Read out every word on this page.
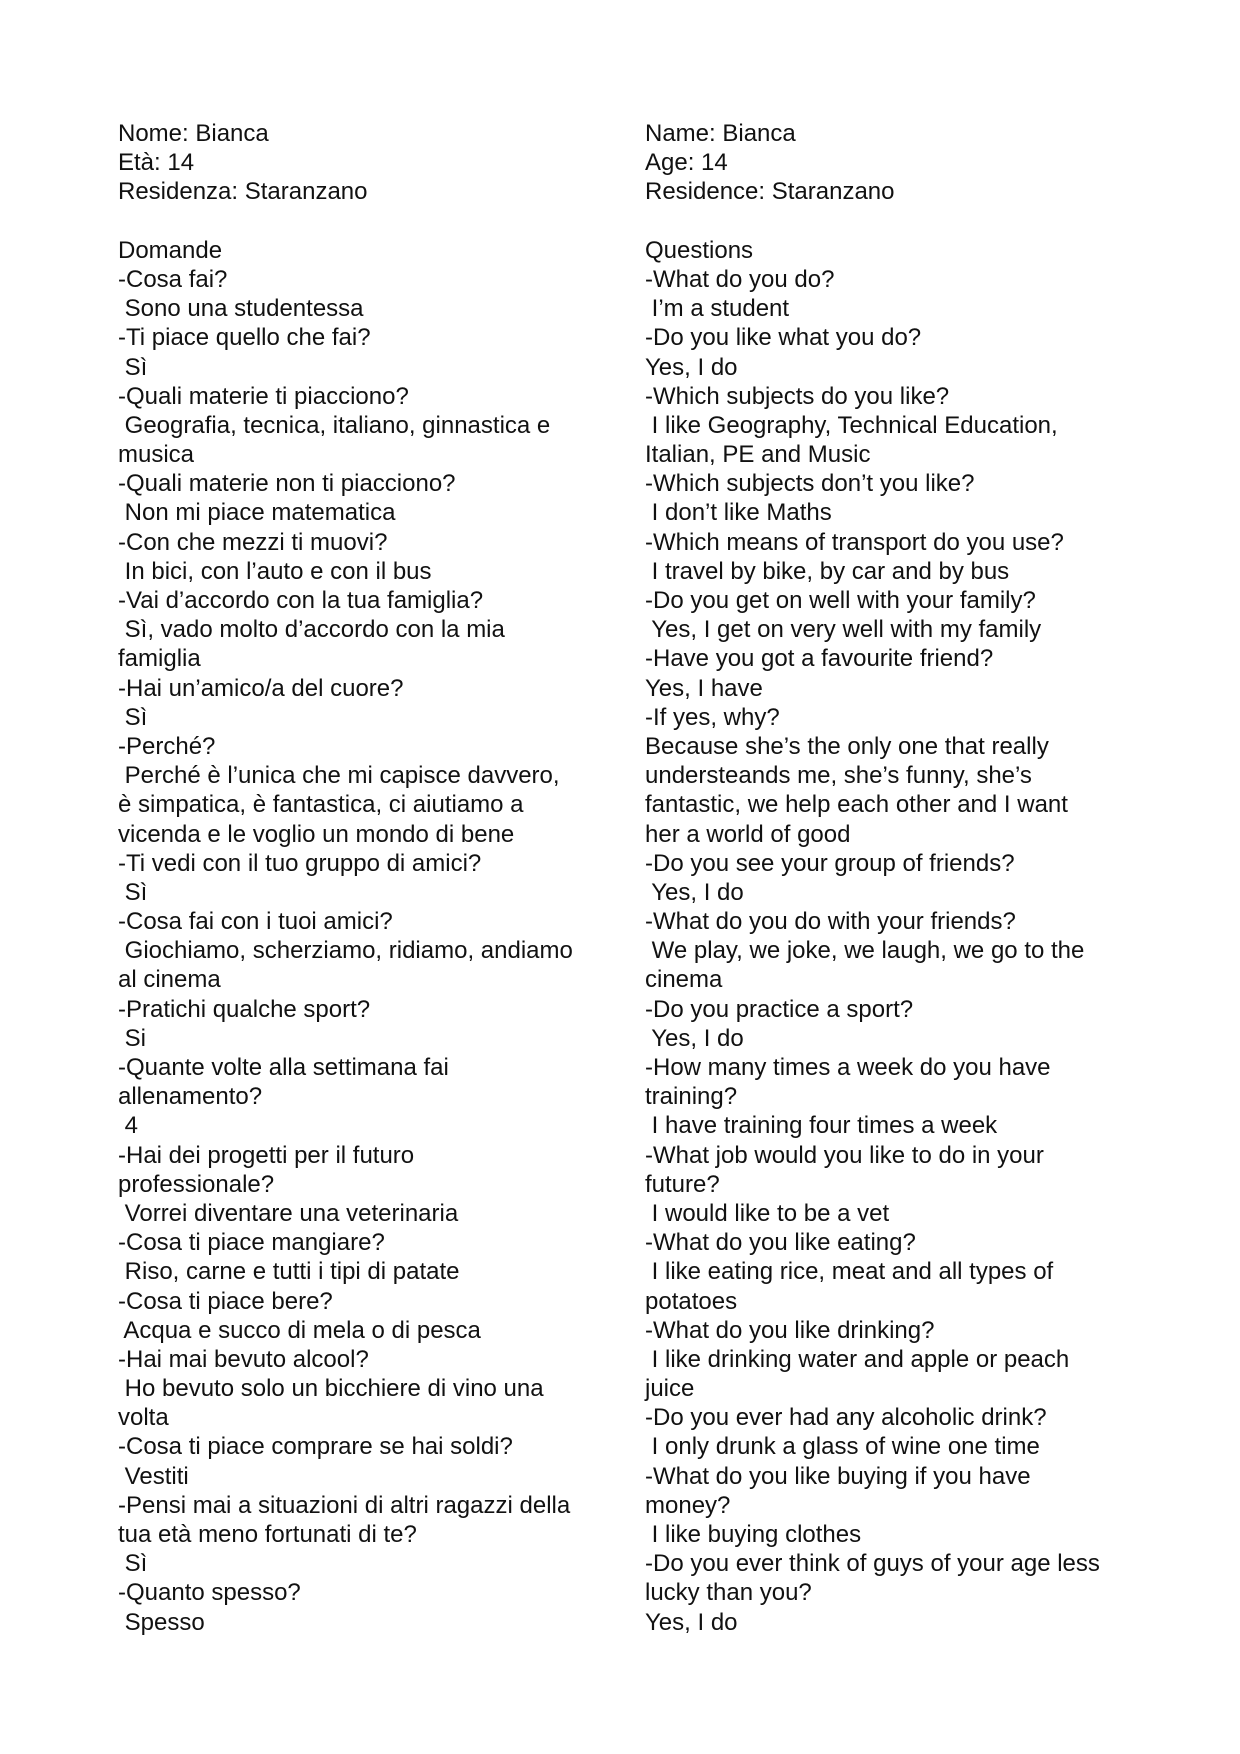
Nome: Bianca
Età: 14
Residenza: Staranzano
Domande
-Cosa fai?
Sono una studentessa
-Ti piace quello che fai?
Sì
-Quali materie ti piacciono?
Geografia, tecnica, italiano, ginnastica e
musica
-Quali materie non ti piacciono?
Non mi piace matematica
-Con che mezzi ti muovi?
In bici, con l’auto e con il bus
-Vai d’accordo con la tua famiglia?
Sì, vado molto d’accordo con la mia
famiglia
-Hai un’amico/a del cuore?
Sì
-Perché?
Perché è l’unica che mi capisce davvero,
è simpatica, è fantastica, ci aiutiamo a
vicenda e le voglio un mondo di bene
-Ti vedi con il tuo gruppo di amici?
Sì
-Cosa fai con i tuoi amici?
Giochiamo, scherziamo, ridiamo, andiamo
al cinema
-Pratichi qualche sport?
Si
-Quante volte alla settimana fai
allenamento?
4
-Hai dei progetti per il futuro
professionale?
Vorrei diventare una veterinaria
-Cosa ti piace mangiare?
Riso, carne e tutti i tipi di patate
-Cosa ti piace bere?
Acqua e succo di mela o di pesca
-Hai mai bevuto alcool?
Ho bevuto solo un bicchiere di vino una
volta
-Cosa ti piace comprare se hai soldi?
Vestiti
-Pensi mai a situazioni di altri ragazzi della
tua età meno fortunati di te?
Sì
-Quanto spesso?
Spesso
Name: Bianca
Age: 14
Residence: Staranzano
Questions
-What do you do?
I’m a student
-Do you like what you do?
Yes, I do
-Which subjects do you like?
I like Geography, Technical Education,
Italian, PE and Music
-Which subjects don’t you like?
I don’t like Maths
-Which means of transport do you use?
I travel by bike, by car and by bus
-Do you get on well with your family?
Yes, I get on very well with my family
-Have you got a favourite friend?
Yes, I have
-If yes, why?
Because she’s the only one that really
understeands me, she’s funny, she’s
fantastic, we help each other and I want
her a world of good
-Do you see your group of friends?
Yes, I do
-What do you do with your friends?
We play, we joke, we laugh, we go to the
cinema
-Do you practice a sport?
Yes, I do
-How many times a week do you have
training?
I have training four times a week
-What job would you like to do in your
future?
I would like to be a vet
-What do you like eating?
I like eating rice, meat and all types of
potatoes
-What do you like drinking?
I like drinking water and apple or peach
juice
-Do you ever had any alcoholic drink?
I only drunk a glass of wine one time
-What do you like buying if you have
money?
I like buying clothes
-Do you ever think of guys of your age less
lucky than you?
Yes, I do
